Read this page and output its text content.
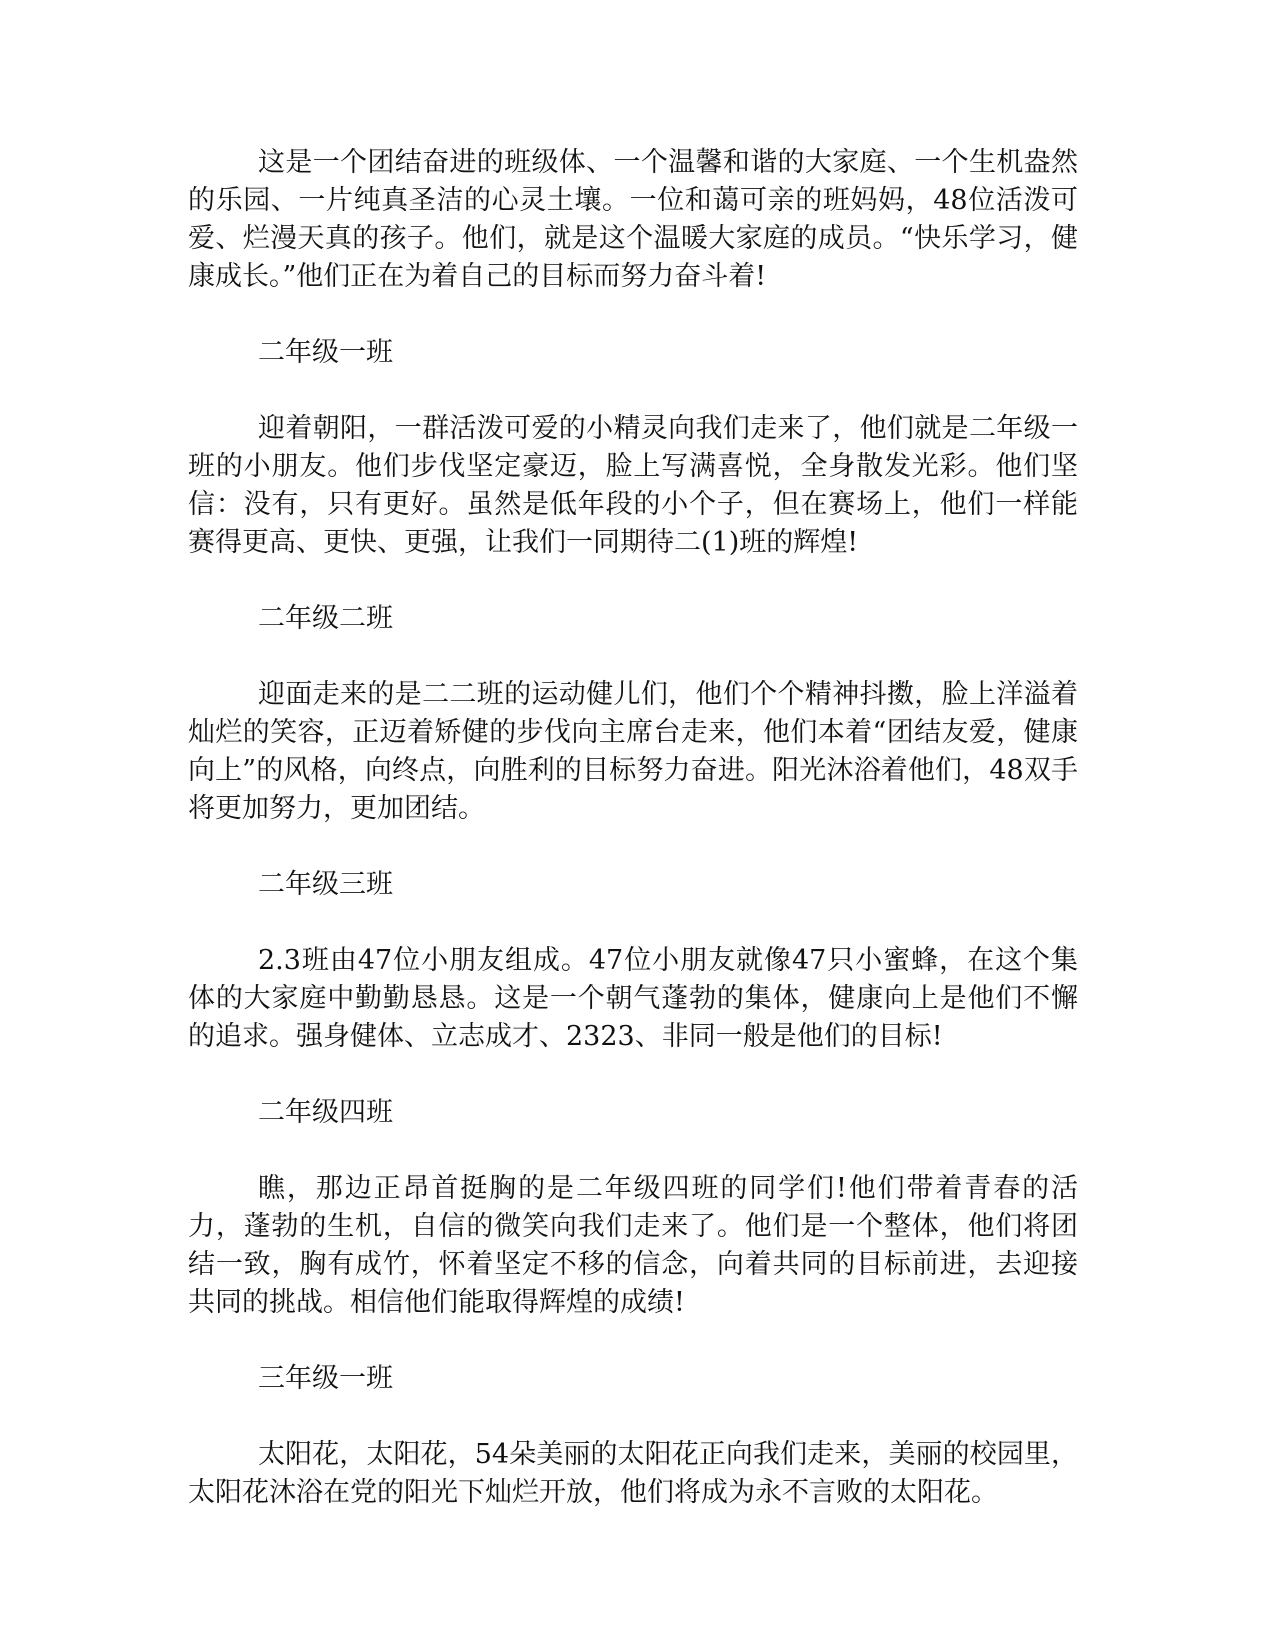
这是一个团结奋进的班级体、一个温馨和谐的大家庭、一个生机盎然的乐园、一片纯真圣洁的心灵土壤。一位和蔼可亲的班妈妈，48位活泼可爱、烂漫天真的孩子。他们，就是这个温暖大家庭的成员。“快乐学习，健康成长。”他们正在为着自己的目标而努力奋斗着!

二年级一班

迎着朝阳，一群活泼可爱的小精灵向我们走来了，他们就是二年级一班的小朋友。他们步伐坚定豪迈，脸上写满喜悦，全身散发光彩。他们坚信：没有，只有更好。虽然是低年段的小个子，但在赛场上，他们一样能赛得更高、更快、更强，让我们一同期待二(1)班的辉煌!

二年级二班

迎面走来的是二二班的运动健儿们，他们个个精神抖擞，脸上洋溢着灿烂的笑容，正迈着矫健的步伐向主席台走来，他们本着“团结友爱，健康向上”的风格，向终点，向胜利的目标努力奋进。阳光沐浴着他们，48双手将更加努力，更加团结。

二年级三班

2.3班由47位小朋友组成。47位小朋友就像47只小蜜蜂，在这个集体的大家庭中勤勤恳恳。这是一个朝气蓬勃的集体，健康向上是他们不懈的追求。强身健体、立志成才、2323、非同一般是他们的目标!

二年级四班

瞧，那边正昂首挺胸的是二年级四班的同学们!他们带着青春的活力，蓬勃的生机，自信的微笑向我们走来了。他们是一个整体，他们将团结一致，胸有成竹，怀着坚定不移的信念，向着共同的目标前进，去迎接共同的挑战。相信他们能取得辉煌的成绩!

三年级一班

太阳花，太阳花，54朵美丽的太阳花正向我们走来，美丽的校园里，太阳花沐浴在党的阳光下灿烂开放，他们将成为永不言败的太阳花。
